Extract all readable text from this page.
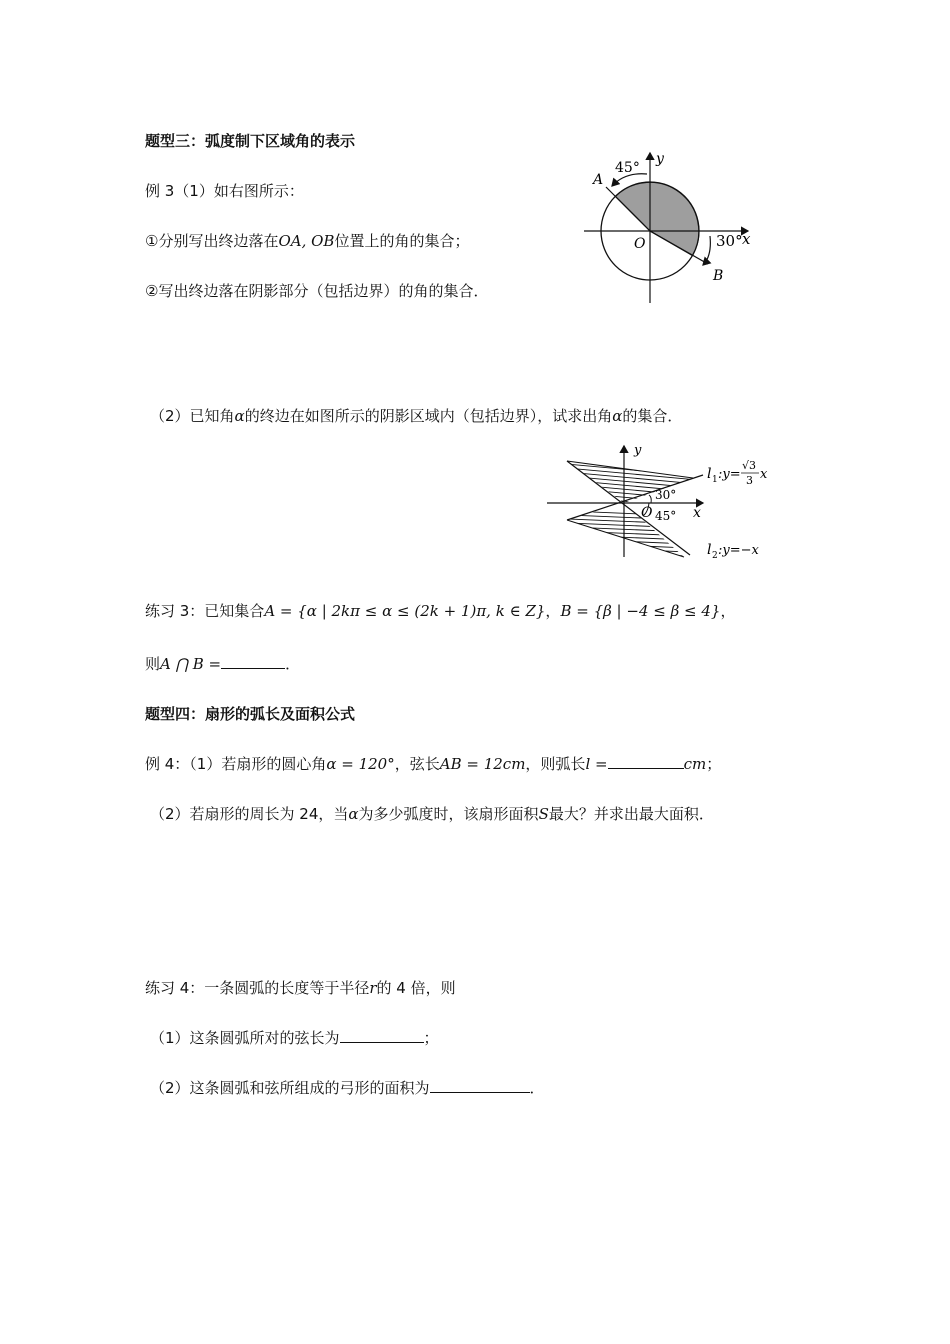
题型三：弧度制下区域角的表示
例 3（1）如右图所示：
①分别写出终边落在OA, OB位置上的角的集合；
②写出终边落在阴影部分（包括边界）的角的集合．
45°
y
A
O	30° x
B
（2）已知角α的终边在如图所示的阴影区域内（包括边界），试求出角α的集合．
y
30°
O 45° x
l 1 :y=
√3
3 x
l 2 :y=−x
练习 3：已知集合A = {α | 2kπ ≤ α ≤ (2k + 1)π, k ∈ Z}，B = {β | −4 ≤ β ≤ 4}，
则A ⋂ B =	．
题型四：扇形的弧长及面积公式
例 4：（1）若扇形的圆心角α = 120°，弦长AB = 12cm，则弧长l =	cm；
（2）若扇形的周长为 24，当α为多少弧度时，该扇形面积S最大？并求出最大面积．
练习 4：一条圆弧的长度等于半径r的 4 倍，则
（1）这条圆弧所对的弦长为	；
（2）这条圆弧和弦所组成的弓形的面积为	．
